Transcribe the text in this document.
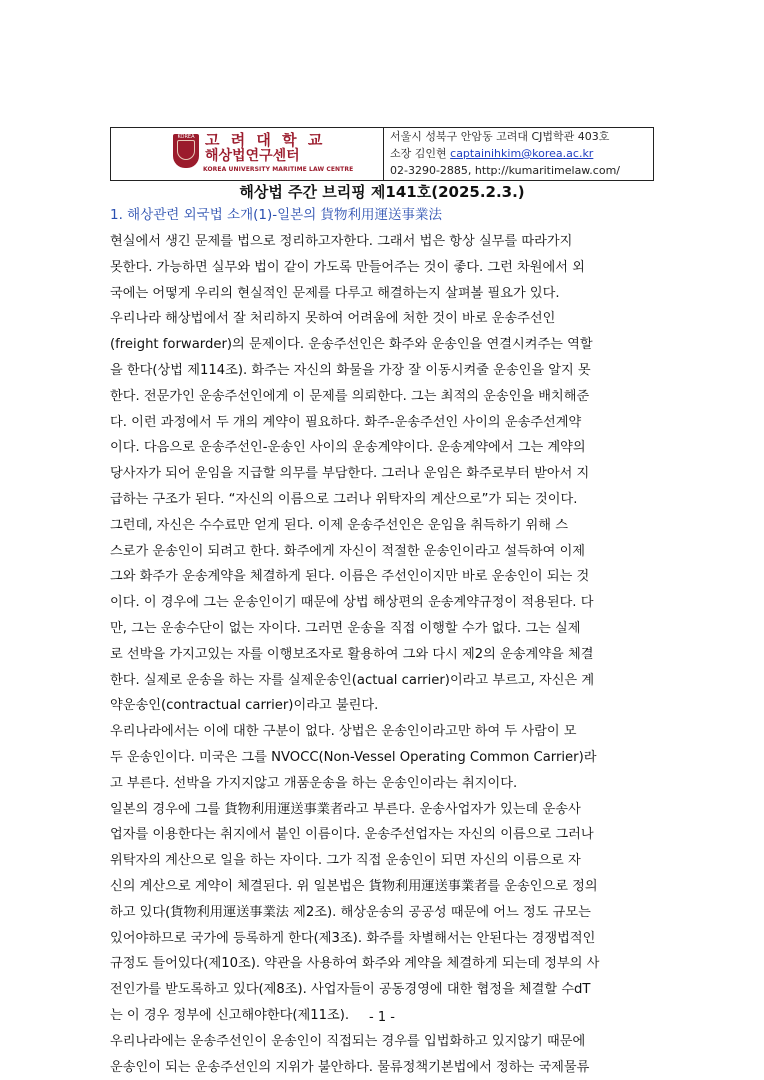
KOREA 고 려 대 학 교
해상법연구센터
KOREA UNIVERSITY MARITIME LAW CENTRE
서울시 성북구 안암동 고려대 CJ법학관 403호
소장 김인현 captainihkim@korea.ac.kr
02-3290-2885, http://kumaritimelaw.com/
해상법 주간 브리핑 제141호(2025.2.3.)
1. 해상관련 외국법 소개(1)-일본의 貨物利用運送事業法
현실에서 생긴 문제를 법으로 정리하고자한다. 그래서 법은 항상 실무를 따라가지
못한다. 가능하면 실무와 법이 같이 가도록 만들어주는 것이 좋다. 그런 차원에서 외
국에는 어떻게 우리의 현실적인 문제를 다루고 해결하는지 살펴볼 필요가 있다.
우리나라 해상법에서 잘 처리하지 못하여 어려움에 처한 것이 바로 운송주선인
(freight forwarder)의 문제이다. 운송주선인은 화주와 운송인을 연결시켜주는 역할
을 한다(상법 제114조). 화주는 자신의 화물을 가장 잘 이동시켜줄 운송인을 알지 못
한다. 전문가인 운송주선인에게 이 문제를 의뢰한다. 그는 최적의 운송인을 배치해준
다. 이런 과정에서 두 개의 계약이 필요하다. 화주-운송주선인 사이의 운송주선계약
이다. 다음으로 운송주선인-운송인 사이의 운송계약이다. 운송계약에서 그는 계약의
당사자가 되어 운임을 지급할 의무를 부담한다. 그러나 운임은 화주로부터 받아서 지
급하는 구조가 된다. “자신의 이름으로 그러나 위탁자의 계산으로”가 되는 것이다.
그런데, 자신은 수수료만 얻게 된다. 이제 운송주선인은 운임을 취득하기 위해 스
스로가 운송인이 되려고 한다. 화주에게 자신이 적절한 운송인이라고 설득하여 이제
그와 화주가 운송계약을 체결하게 된다. 이름은 주선인이지만 바로 운송인이 되는 것
이다. 이 경우에 그는 운송인이기 때문에 상법 해상편의 운송계약규정이 적용된다. 다
만, 그는 운송수단이 없는 자이다. 그러면 운송을 직접 이행할 수가 없다. 그는 실제
로 선박을 가지고있는 자를 이행보조자로 활용하여 그와 다시 제2의 운송계약을 체결
한다. 실제로 운송을 하는 자를 실제운송인(actual carrier)이라고 부르고, 자신은 계
약운송인(contractual carrier)이라고 불린다.
우리나라에서는 이에 대한 구분이 없다. 상법은 운송인이라고만 하여 두 사람이 모
두 운송인이다. 미국은 그를 NVOCC(Non-Vessel Operating Common Carrier)라
고 부른다. 선박을 가지지않고 개품운송을 하는 운송인이라는 취지이다.
일본의 경우에 그를 貨物利用運送事業者라고 부른다. 운송사업자가 있는데 운송사
업자를 이용한다는 취지에서 붙인 이름이다. 운송주선업자는 자신의 이름으로 그러나
위탁자의 계산으로 일을 하는 자이다. 그가 직접 운송인이 되면 자신의 이름으로 자
신의 계산으로 계약이 체결된다. 위 일본법은 貨物利用運送事業者를 운송인으로 정의
하고 있다(貨物利用運送事業法 제2조). 해상운송의 공공성 때문에 어느 정도 규모는
있어야하므로 국가에 등록하게 한다(제3조). 화주를 차별해서는 안된다는 경쟁법적인
규정도 들어있다(제10조). 약관을 사용하여 화주와 계약을 체결하게 되는데 정부의 사
전인가를 받도록하고 있다(제8조). 사업자들이 공동경영에 대한 협정을 체결할 수dT
는 이 경우 정부에 신고해야한다(제11조).
우리나라에는 운송주선인이 운송인이 직접되는 경우를 입법화하고 있지않기 때문에
운송인이 되는 운송주선인의 지위가 불안하다. 물류정책기본법에서 정하는 국제물류
- 1 -
